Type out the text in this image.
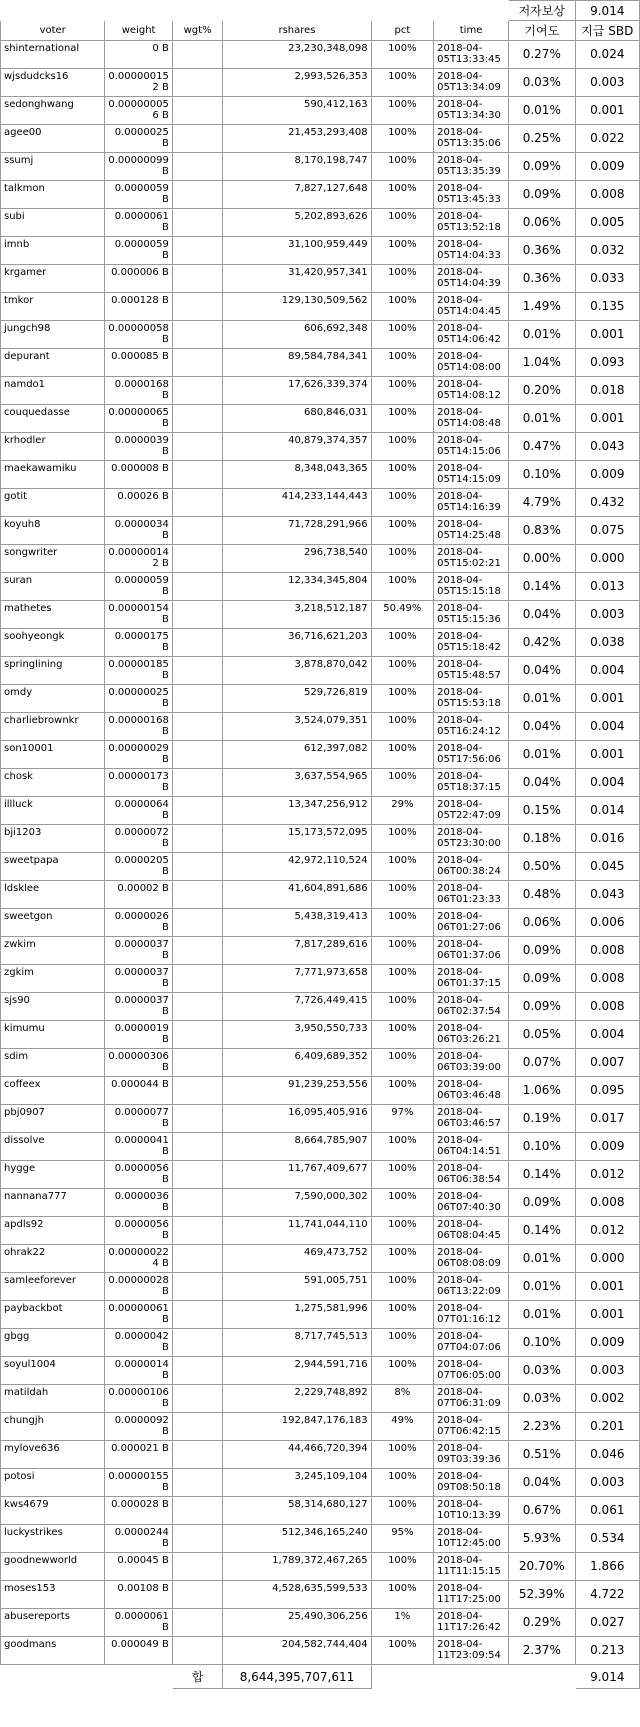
						저자보상	9.014
voter	weight	wgt%	rshares	pct	time	기여도	지급 SBD
shinternational	0 B		23,230,348,098	100%	2018-04-05T13:33:45	0.27%	0.024
wjsdudcks16	0.00000015 2 B		2,993,526,353	100%	2018-04-05T13:34:09	0.03%	0.003
sedonghwang	0.00000005 6 B		590,412,163	100%	2018-04-05T13:34:30	0.01%	0.001
agee00	0.0000025 B		21,453,293,408	100%	2018-04-05T13:35:06	0.25%	0.022
ssumj	0.00000099 B		8,170,198,747	100%	2018-04-05T13:35:39	0.09%	0.009
talkmon	0.0000059 B		7,827,127,648	100%	2018-04-05T13:45:33	0.09%	0.008
subi	0.0000061 B		5,202,893,626	100%	2018-04-05T13:52:18	0.06%	0.005
imnb	0.0000059 B		31,100,959,449	100%	2018-04-05T14:04:33	0.36%	0.032
krgamer	0.000006 B		31,420,957,341	100%	2018-04-05T14:04:39	0.36%	0.033
tmkor	0.000128 B		129,130,509,562	100%	2018-04-05T14:04:45	1.49%	0.135
jungch98	0.00000058 B		606,692,348	100%	2018-04-05T14:06:42	0.01%	0.001
depurant	0.000085 B		89,584,784,341	100%	2018-04-05T14:08:00	1.04%	0.093
namdo1	0.0000168 B		17,626,339,374	100%	2018-04-05T14:08:12	0.20%	0.018
couquedasse	0.00000065 B		680,846,031	100%	2018-04-05T14:08:48	0.01%	0.001
krhodler	0.0000039 B		40,879,374,357	100%	2018-04-05T14:15:06	0.47%	0.043
maekawamiku	0.000008 B		8,348,043,365	100%	2018-04-05T14:15:09	0.10%	0.009
gotit	0.00026 B		414,233,144,443	100%	2018-04-05T14:16:39	4.79%	0.432
koyuh8	0.0000034 B		71,728,291,966	100%	2018-04-05T14:25:48	0.83%	0.075
songwriter	0.00000014 2 B		296,738,540	100%	2018-04-05T15:02:21	0.00%	0.000
suran	0.0000059 B		12,334,345,804	100%	2018-04-05T15:15:18	0.14%	0.013
mathetes	0.00000154 B		3,218,512,187	50.49%	2018-04-05T15:15:36	0.04%	0.003
soohyeongk	0.0000175 B		36,716,621,203	100%	2018-04-05T15:18:42	0.42%	0.038
springlining	0.00000185 B		3,878,870,042	100%	2018-04-05T15:48:57	0.04%	0.004
omdy	0.00000025 B		529,726,819	100%	2018-04-05T15:53:18	0.01%	0.001
charliebrownkr	0.00000168 B		3,524,079,351	100%	2018-04-05T16:24:12	0.04%	0.004
son10001	0.00000029 B		612,397,082	100%	2018-04-05T17:56:06	0.01%	0.001
chosk	0.00000173 B		3,637,554,965	100%	2018-04-05T18:37:15	0.04%	0.004
illluck	0.0000064 B		13,347,256,912	29%	2018-04-05T22:47:09	0.15%	0.014
bji1203	0.0000072 B		15,173,572,095	100%	2018-04-05T23:30:00	0.18%	0.016
sweetpapa	0.0000205 B		42,972,110,524	100%	2018-04-06T00:38:24	0.50%	0.045
ldsklee	0.00002 B		41,604,891,686	100%	2018-04-06T01:23:33	0.48%	0.043
sweetgon	0.0000026 B		5,438,319,413	100%	2018-04-06T01:27:06	0.06%	0.006
zwkim	0.0000037 B		7,817,289,616	100%	2018-04-06T01:37:06	0.09%	0.008
zgkim	0.0000037 B		7,771,973,658	100%	2018-04-06T01:37:15	0.09%	0.008
sjs90	0.0000037 B		7,726,449,415	100%	2018-04-06T02:37:54	0.09%	0.008
kimumu	0.0000019 B		3,950,550,733	100%	2018-04-06T03:26:21	0.05%	0.004
sdim	0.00000306 B		6,409,689,352	100%	2018-04-06T03:39:00	0.07%	0.007
coffeex	0.000044 B		91,239,253,556	100%	2018-04-06T03:46:48	1.06%	0.095
pbj0907	0.0000077 B		16,095,405,916	97%	2018-04-06T03:46:57	0.19%	0.017
dissolve	0.0000041 B		8,664,785,907	100%	2018-04-06T04:14:51	0.10%	0.009
hygge	0.0000056 B		11,767,409,677	100%	2018-04-06T06:38:54	0.14%	0.012
nannana777	0.0000036 B		7,590,000,302	100%	2018-04-06T07:40:30	0.09%	0.008
apdls92	0.0000056 B		11,741,044,110	100%	2018-04-06T08:04:45	0.14%	0.012
ohrak22	0.00000022 4 B		469,473,752	100%	2018-04-06T08:08:09	0.01%	0.000
samleeforever	0.00000028 B		591,005,751	100%	2018-04-06T13:22:09	0.01%	0.001
paybackbot	0.00000061 B		1,275,581,996	100%	2018-04-07T01:16:12	0.01%	0.001
gbgg	0.0000042 B		8,717,745,513	100%	2018-04-07T04:07:06	0.10%	0.009
soyul1004	0.0000014 B		2,944,591,716	100%	2018-04-07T06:05:00	0.03%	0.003
matildah	0.00000106 B		2,229,748,892	8%	2018-04-07T06:31:09	0.03%	0.002
chungjh	0.0000092 B		192,847,176,183	49%	2018-04-07T06:42:15	2.23%	0.201
mylove636	0.000021 B		44,466,720,394	100%	2018-04-09T03:39:36	0.51%	0.046
potosi	0.00000155 B		3,245,109,104	100%	2018-04-09T08:50:18	0.04%	0.003
kws4679	0.000028 B		58,314,680,127	100%	2018-04-10T10:13:39	0.67%	0.061
luckystrikes	0.0000244 B		512,346,165,240	95%	2018-04-10T12:45:00	5.93%	0.534
goodnewworld	0.00045 B		1,789,372,467,265	100%	2018-04-11T11:15:15	20.70%	1.866
moses153	0.00108 B		4,528,635,599,533	100%	2018-04-11T17:25:00	52.39%	4.722
abusereports	0.0000061 B		25,490,306,256	1%	2018-04-11T17:26:42	0.29%	0.027
goodmans	0.000049 B		204,582,744,404	100%	2018-04-11T23:09:54	2.37%	0.213
		합	8,644,395,707,611				9.014
